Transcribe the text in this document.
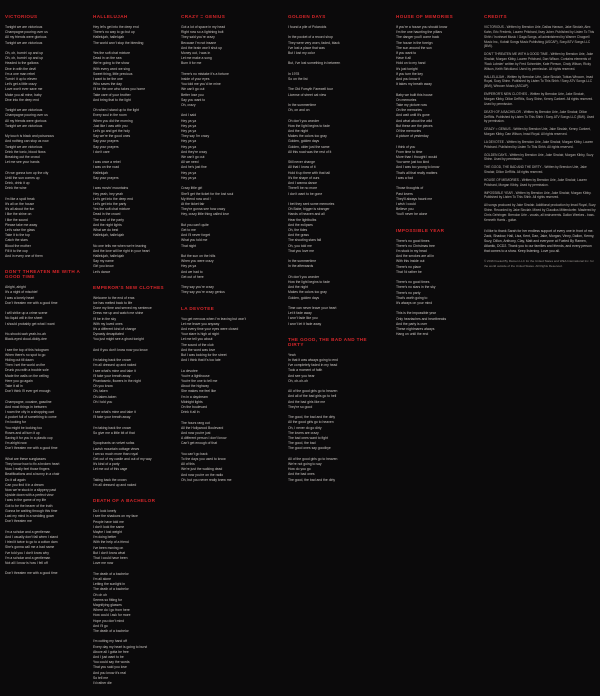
VICTORIOUS
Tonight we are victorious
Champagne pouring over us
All my friends were glorious
Tonight we are victorious

Oh, oh, burnin' up and up
Oh, oh, burnin' up and up
Headed to the gallows
Dive in with the devil
I'm a one man rebel
Turnin' it up to eleven
Let's get a little crazy
Love won't ever save me
Make you all mine, baby
Dive into the deep end

Tonight we are victorious
Champagne pouring over us
All my friends were glorious
Tonight we are victorious

My touch is black and poisonous
And nothing can stop us now
Tonight we are victorious
Drink the tonic, blood flows
Breaking out the crowd
Let me see your hands

Oh we gonna turn up the city
Until the sun comes up
Drink, drink it up
Drink the wine

I'm like a spoil freak
It's all on the house
It's all about the fun
I like the shine on
I like the sound
Please take me away
Let's raise the glass
Take it to the top
Catch the stars
Blood the mother
Fill it to the cup
And in every one of them
DON'T THREATEN ME WITH A GOOD TIME
Alright, alright
It's a night of mischief
I was a lonely heart
Don't threaten me with a good time

I will strike up a crime scene
No liquid will in the sheet
I should probably get what I want

Ho-shoobi-wah yeah-ho-ah
Black-eyed cloud-diddy-dee

I see the top of this hologram
When there's no spot to go
Hiding out till dawn
Then I set the world on fire
Drunk you with a trouble sole
Made the walls on the ceiling
Here you go again
Take it all in
Don't think I'll ever get enough

Champagne, cocaine, gasoline
And most things in between
I roam the city in a shopping cart
A pocket full of something to come
I'm looking for
You might be looking too
Roses and all turn it up
Saving it for you in a plastic cup
I'm alright now
Don't threaten me with a good time

What are these sunglasses
They know how to fix a broken heart
Now I really feel those fingers
Beatifications and a bunny in a chair
Do it all again
Can you find it in a dream
Now we're stuck in a slippery past
Upside down with a perfect view
I was in the game of my life
Got to be the bearer of the truth
Gonna be waiting through this time
Last my mind in a wedding gown
Don't threaten me

I'm a scholar and a gentleman
And I usually don't fall when I stand
I tried it twice to go to a cotton dam
She's gonna call me a bad name
I've told you I don't know why
I'm a scholar and a gentleman
Not all I know is how I fell off

Don't threaten me with a good time
HALLELUJAH
Hey let's get into the deep end
There's no way to go but up
Hallelujah, hallelujah
The world won't stop the bleeding

Yes the soft chat mixture
Dead in on the sea
We're going to the show
With every word we sing
Sweet thing, little precious
I want to be the one
Who saves the day
I'll be the one who takes you home
Take care of your brother
And bring that to the light

Oh when I stand up to the light
Every soul in the room
When you did the morning
Just like I was with you
Let's go and get the holy
Say we're the good ones
Say your prayers
Say your prayers
I don't care

I was once a rebel
I was on the road
Hallelujah
Say your prayers

I was movin' mountains
Hey yeah, hey yeah
Let's get into the deep end
Let's get into the party
Yes the soft chat mixture
Dead in the crowd
The soul of the party
And the night lights
What we do best
Hallelujah, hallelujah

No one tells me when we're leaving
And the love will be right in your heart
Hallelujah, hallelujah
Say my name
Girl you know
Let's dance
EMPEROR'S NEW CLOTHES
Welcome to the end of eras
Ice has melted back to life
Done my time and served my sentence
Dress me up and watch me shine
I'll be in the sky
With my loved ones
It's a different kind of change
Dynasty decapitated
You just might see a ghost tonight

And if you don't know now you know

I'm taking back the crown
I'm all dressed up and naked
I see what's mine and take it
I'll take your breath away
Phantasmic, flowers in the night
Oh you know
Oh, taken
Oh-taken-taken
Oh I told you

I see what's mine and take it
I'll take your breath away

I'm taking back the crown
So give me a little bit of that

Sycophants on velvet sofas
Lavish mountain cottage views
I am so much more than royal
Get out of my castle and out of my way
It's kind of a party
Let me out of this cage

Taking back the crown
I'm all dressed up and naked
DEATH OF A BACHELOR
Do I look lonely
I see the shadows on my face
People have told me
I don't look the same
Maybe I lost weight
I'm doing better
With the help of a friend
I've been moving on
But I don't know what
That I could have been
Love me now

The death of a bachelor
I'm all alone
Letting the sunlight in
The death of a bachelor
Oh oh oh
Seems so fitting for
Magnifying glasses
Where do I go from here
How could I ask for more
Hope you don't mind
And I'll go
The death of a bachelor

I'm cutting my hand off
Every day my heart is going to burst
Above all I gotta be free
And I just want to be
You could say the words
That you said you love
And you know it's real
So tell me
I'd rather die
CRAZY = GENIUS
Got a lot of space in my head
Right now so a lightning bolt
They said you're crazy
Because I'm not insane
And the brain won't shut up
Money out, I was in
Let me make a song
Burn it for me

There's no mistake it's a fortune
Inside of your eyes
You told me you'd be mine
We can't go out
Better lose you
Say you want to
Oh, crazy

And I said
Hey ya ya
Hey ya ya
Hey ya ya
They say I'm crazy
Hey ya ya
Hey ya ya
And they're crazy
We can't go out
All we need
And he's just fine
Hey ya ya
Hey ya ya

Crazy little girl
She'll get the ticket for the lost soul
My friend now and I
At the ticket fair
They're gonna see how crazy
Hey, crazy little thing called love

But you can't quite
Get to me
And I'll never forget
What you told me
That night

But the sun on the hills
When you were crazy
Hey ya ya
And we had to
Get out of here

They say you're crazy
They say you're crazy genius
LA DEVOTEE
You get nervous when I'm leaving but won't
Let me leave you anyway
And every time your eyes were closed
Your stare is high at night
Let me tell you about
The sound of the club
And the word was love
But I was looking for the street
And I think that it's too late

La devotee
You're a lighthouse
You're the one to tell me
About the highway
She makes me feel like
I'm in a daydream
Midnight lights
On the boulevard
Drink it all in

The hours rang out
All the Hollywood Boulevard
And now you're just
A different person I don't know
Can't get enough of that

You can't go back
To the days you used to know
All of this
We're just the walking dead
And now you're on the radio
Oh, but you never really knew me
GOLDEN DAYS
I found a pile of Polaroids

In the pocket of a record shop
They were very worn, faded, black
I've lost a place that was
But I lost my color

But, I've lost something in between

In 1978
So on the list

The Old Forsyth Farewell tour
License of street cat view

In the summertime
Oh, on and on

Oh don't you wonder
How the light begins to fade
And the night
Makes the colors too gray
Golden, golden days
Golden, older just the same
All this road was the rest of it

Still never change
All that I know of it
Hold it up there with that tail
It's the shape of ours
And I wanna dance
There'll be no more
I don't want to be gone

I bet they sent some memories
Oh Babe, bigger is stranger
Hands of heaven and all
Hear the lightbulbs
And the eclipses
Oh, the tides
And the grass
The shooting stars fall
Oh, you told me
That you love me

In the summertime
In the afterwards

Oh don't you wonder
How the light begins to fade
And the night
Makes the colors too gray
Golden, golden days

Time can never leave your heart
Let it fade away
I won't fade like you
I won't let it fade away
THE GOOD, THE BAD AND THE DIRTY
Yeah
In that it was always going to end
I've completely faded in my head
Took a moment of faith
And see you hear
Oh, oh-oh-oh

All of the good girls go to heaven
And all of the bad girls go to hell
And the bad girls like me
They're so good

The good, the bad and the dirty
All the good girls go to heaven
Oh, I never do go dirty
The lovers are crazy
The bad ones want to fight
The good, the bad
The good ones say goodbye

All of the good girls go to heaven
We're not going to say
How do you go
And the bad ones
The good, the bad and the dirty
HOUSE OF MEMORIES
If you're a house you should know
I'm the one haunting the pillars
The danger you'll come back
The house in the foreign
The sun around the sun
If you want to
Have it all
Hold on to my hand
It's just tonight
If you turn the key
And you know it
It takes my breath away

Baby we built this house
On memories
Take my picture now
On the memories
And wait until it's gone
And what about the wild
But these are the pieces
Of the memories
A picture of yesterday

I think of you
From time to time
More than I thought I would
You were just too kind
And I was too young to know
That's all that really matters
I was a fool

Those thoughts of
Past lovers
They'll always haunt me
I wish I could
Believe you
You'll never be alone
IMPOSSIBLE YEAR
There's no good times
There's no Christmas tree
I'm stuck in my head
And the smokes are all in
With this inside out
There's no place
That I'd rather be

There's no good times
There's no stars in the sky
There's no party
That's worth going to
It's always on your mind

This is the impossible year
Only heartaches and heartbreaks
And the party is over
These nightmares always
Hang on until the end
CREDITS

VICTORIOUS - Written by Brendon Urie, Dallas Hanson, Jake Sinclair, Alex Kahn, Eric Frederic, Lauren Pritchard, Ilsey Juber. Published by Listen To This Shhh / Ironheart Music / Gaga Songs, all administered by Warner Chappell Music Inc., Kobalt Songs Music Publishing (ASCAP), Sony/ATV Songs LLC (BMI).

DON'T THREATEN ME WITH A GOOD TIME - Written by Brendon Urie, Jake Sinclair, Morgan Kibby, Lauren Pritchard, Dan Wilson. Contains elements of 'Rock Lobster' written by Fred Schneider, Kate Pierson, Cindy Wilson, Ricky Wilson, Keith Strickland. Used by permission. All rights reserved.

HALLELUJAH - Written by Brendon Urie, Jake Sinclair, Tobias Wincorn, Imad Royal, Suzy Shinn. Published by Listen To This Shhh / Sony ATV Songs LLC (BMI), Wincorn Music (ASCAP).

EMPEROR'S NEW CLOTHES - Written by Brendon Urie, Jake Sinclair, Morgan Kibby, Dillon DeRitis, Suzy Shinn, Kenny Carkeet. All rights reserved. Used by permission.

DEATH OF A BACHELOR - Written by Brendon Urie, Jake Sinclair, Dillon DeRitis. Published by Listen To This Shhh / Sony ATV Songs LLC (BMI). Used by permission.

CRAZY = GENIUS - Written by Brendon Urie, Jake Sinclair, Kenny Carkeet, Morgan Kibby, Dan Wilson, Imad Royal. All rights reserved.

LA DEVOTEE - Written by Brendon Urie, Jake Sinclair, Morgan Kibby, Lauren Pritchard. Published by Listen To This Shhh. All rights reserved.

GOLDEN DAYS - Written by Brendon Urie, Jake Sinclair, Morgan Kibby, Suzy Shinn. Used by permission.

THE GOOD, THE BAD AND THE DIRTY - Written by Brendon Urie, Jake Sinclair, Dillon DeRitis. All rights reserved.

HOUSE OF MEMORIES - Written by Brendon Urie, Jake Sinclair, Lauren Pritchard, Morgan Kibby. Used by permission.

IMPOSSIBLE YEAR - Written by Brendon Urie, Jake Sinclair, Morgan Kibby. Published by Listen To This Shhh. All rights reserved.

All songs produced by Jake Sinclair. Additional production by Imad Royal, Suzy Shinn. Recorded by Jake Sinclair. Mixed by Claudius Mittendorfer. Mastered by Chris Gehringer. Brendon Urie - vocals, all instruments. Dallon Weekes - bass. Kenneth Harris - guitar.

I'd like to thank Sarah for her endless support of every one in front of me. Zack, Shadow, Hall, Lisa, Kent, Dan, Jake, Morgan, Vinny, Dallon, Kenny, Suzy, Dillon, Anthony, Clay, Matt and everyone at Fueled By Ramen, Atlantic, DCD2. Thank you to our families and friends, and every person that comes to a show. Keep listening. Love you all.
© 2016 Fueled By Ramen LLC for the United States and WEA International Inc. for the world outside of the United States. All Rights Reserved.
